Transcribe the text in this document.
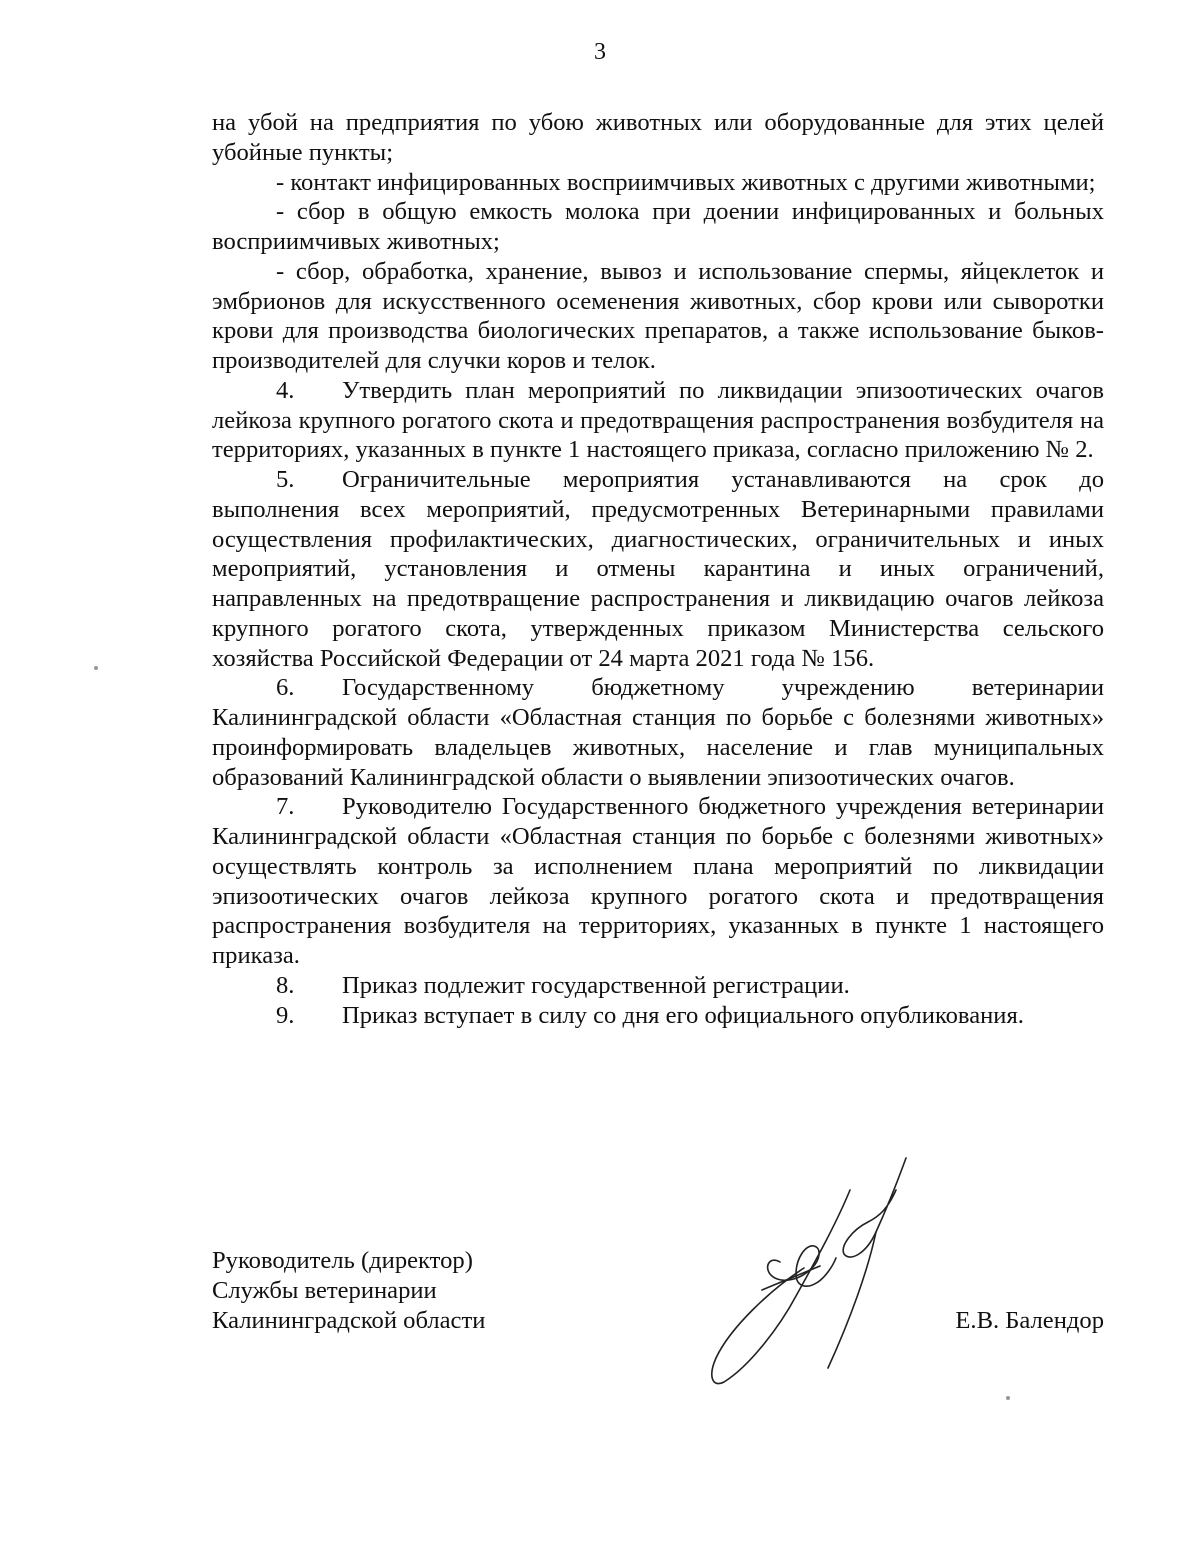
3

на убой на предприятия по убою животных или оборудованные для этих целей убойные пункты;

- контакт инфицированных восприимчивых животных с другими животными;

- сбор в общую емкость молока при доении инфицированных и больных восприимчивых животных;

- сбор, обработка, хранение, вывоз и использование спермы, яйцеклеток и эмбрионов для искусственного осеменения животных, сбор крови или сыворотки крови для производства биологических препаратов, а также использование быков-производителей для случки коров и телок.

4. Утвердить план мероприятий по ликвидации эпизоотических очагов лейкоза крупного рогатого скота и предотвращения распространения возбудителя на территориях, указанных в пункте 1 настоящего приказа, согласно приложению № 2.

5. Ограничительные мероприятия устанавливаются на срок до выполнения всех мероприятий, предусмотренных Ветеринарными правилами осуществления профилактических, диагностических, ограничительных и иных мероприятий, установления и отмены карантина и иных ограничений, направленных на предотвращение распространения и ликвидацию очагов лейкоза крупного рогатого скота, утвержденных приказом Министерства сельского хозяйства Российской Федерации от 24 марта 2021 года № 156.

6. Государственному бюджетному учреждению ветеринарии Калининградской области «Областная станция по борьбе с болезнями животных» проинформировать владельцев животных, население и глав муниципальных образований Калининградской области о выявлении эпизоотических очагов.

7. Руководителю Государственного бюджетного учреждения ветеринарии Калининградской области «Областная станция по борьбе с болезнями животных» осуществлять контроль за исполнением плана мероприятий по ликвидации эпизоотических очагов лейкоза крупного рогатого скота и предотвращения распространения возбудителя на территориях, указанных в пункте 1 настоящего приказа.

8. Приказ подлежит государственной регистрации.

9. Приказ вступает в силу со дня его официального опубликования.

Руководитель (директор)
Службы ветеринарии
Калининградской области	Е.В. Балендор
